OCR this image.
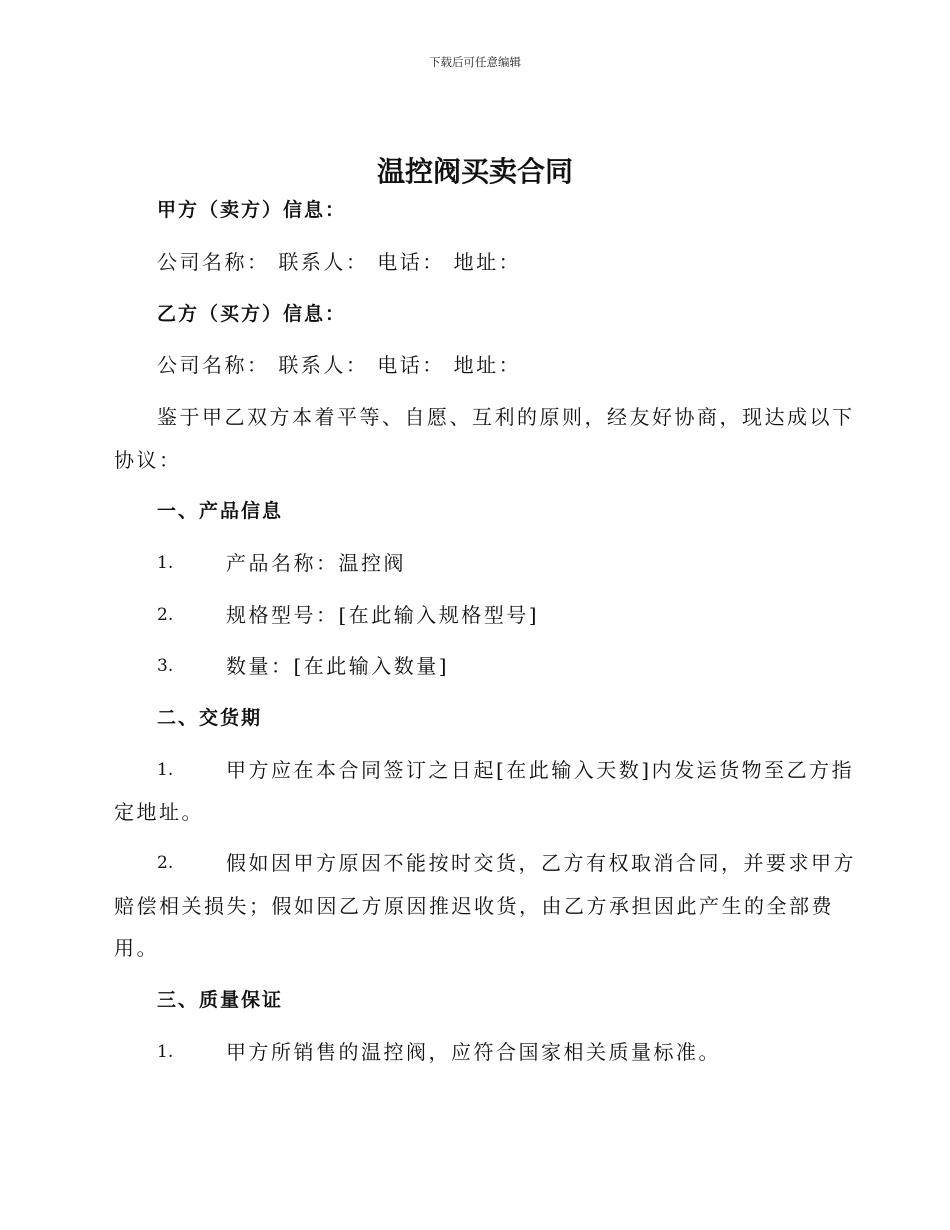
下载后可任意编辑
温控阀买卖合同
甲方（卖方）信息：
公司名称： 联系人： 电话： 地址：
乙方（买方）信息：
公司名称： 联系人： 电话： 地址：
鉴于甲乙双方本着平等、自愿、互利的原则，经友好协商，现达成以下
协议：
一、产品信息
1.	产品名称：温控阀
2.	规格型号：[在此输入规格型号]
3.	数量：[在此输入数量]
二、交货期
1.	甲方应在本合同签订之日起[在此输入天数]内发运货物至乙方指
定地址。
2.	假如因甲方原因不能按时交货，乙方有权取消合同，并要求甲方
赔偿相关损失；假如因乙方原因推迟收货，由乙方承担因此产生的全部费
用。
三、质量保证
1.	甲方所销售的温控阀，应符合国家相关质量标准。
